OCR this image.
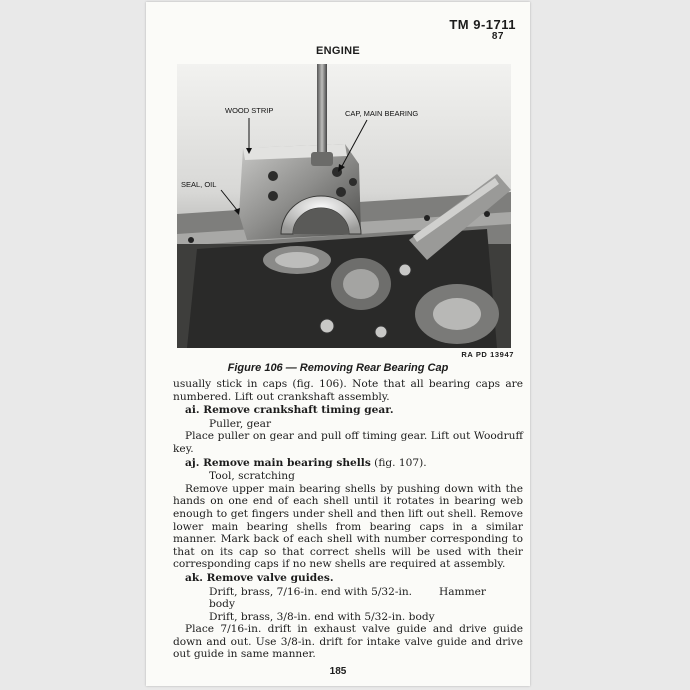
TM 9-1711
87
ENGINE
WOOD STRIP	CAP, MAIN BEARING
SEAL, OIL
RA PD 13947
Figure 106 — Removing Rear Bearing Cap

usually stick in caps (fig. 106). Note that all bearing caps are numbered. Lift out crankshaft assembly.

ai. Remove crankshaft timing gear.
Puller, gear

Place puller on gear and pull off timing gear. Lift out Woodruff key.

aj. Remove main bearing shells (fig. 107).
Tool, scratching

Remove upper main bearing shells by pushing down with the hands on one end of each shell until it rotates in bearing web enough to get fingers under shell and then lift out shell. Remove lower main bearing shells from bearing caps in a similar manner. Mark back of each shell with number corresponding to that on its cap so that correct shells will be used with their corresponding caps if no new shells are required at assembly.

ak. Remove valve guides.
Drift, brass, 7/16-in. end with 5/32-in. body
Hammer
Drift, brass, 3/8-in. end with 5/32-in. body

Place 7/16-in. drift in exhaust valve guide and drive guide down and out. Use 3/8-in. drift for intake valve guide and drive out guide in same manner.

185
